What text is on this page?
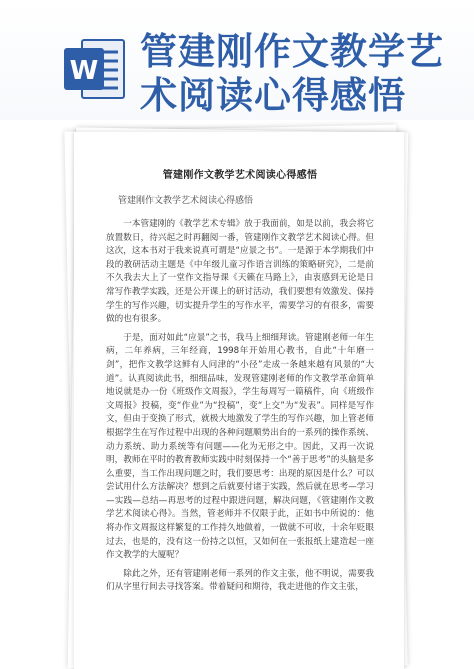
W 管建刚作文教学艺
术阅读心得感悟
管建刚作文教学艺术阅读心得感悟
管建刚作文教学艺术阅读心得感悟

一本管建刚的《教学艺术专辑》放于我面前，如是以前，我会将它放置数日，待兴起之时再翻阅一番，管建刚作文教学艺术阅读心得。但这次，这本书对于我来说真可谓是“应景之书”。一是源于本学期我们中段的教研活动主题是《中年级儿童习作语言训练的策略研究》，二是前不久我去大上了一堂作文指导课《天籁在马路上》，由衷感到无论是日常写作教学实践，还是公开课上的研讨活动，我们要想有效激发、保持学生的写作兴趣，切实提升学生的写作水平，需要学习的有很多，需要做的也有很多。

于是，面对如此“应景”之书，我马上细细拜读。管建刚老师一年生病，二年养病，三年经商，1998年开始用心教书，自此“十年磨一剑”，把作文教学这鲜有人问津的“小径”走成一条越来越有风景的“大道”。认真阅读此书，细细品味，发现管建刚老师的作文教学革命简单地说就是办一份《班级作文周报》，学生每周写一篇稿件，向《班级作文周报》投稿，变“作业”为“投稿”，变“上交”为“发表”。同样是写作文，但由于变换了形式，就极大地激发了学生的写作兴趣，加上管老师根据学生在写作过程中出现的各种问题顺势出台的一系列的操作系统、动力系统、助力系统等有问题——化为无形之中。因此，又再一次说明，教师在平时的教育教师实践中时刻保持一个“善于思考”的头脑是多么重要，当工作出现问题之时，我们要思考：出现的原因是什么？可以尝试用什么方法解决？想到之后就要付诸于实践，然后就在思考—学习—实践—总结—再思考的过程中跟进问题，解决问题，《管建刚作文教学艺术阅读心得》。当然，管老师并不仅限于此，正如书中所说的：他将办作文周报这样繁复的工作持久地做着，一做就不可收，十余年贬眼过去，也是的，没有这一份持之以恒，又如何在一张报纸上建造起一座作文教学的大厦呢？

除此之外，还有管建刚老师一系列的作文主张，他不明说，需要我们从字里行间去寻找答案。带着疑问和期待，我走进他的作文主张，
